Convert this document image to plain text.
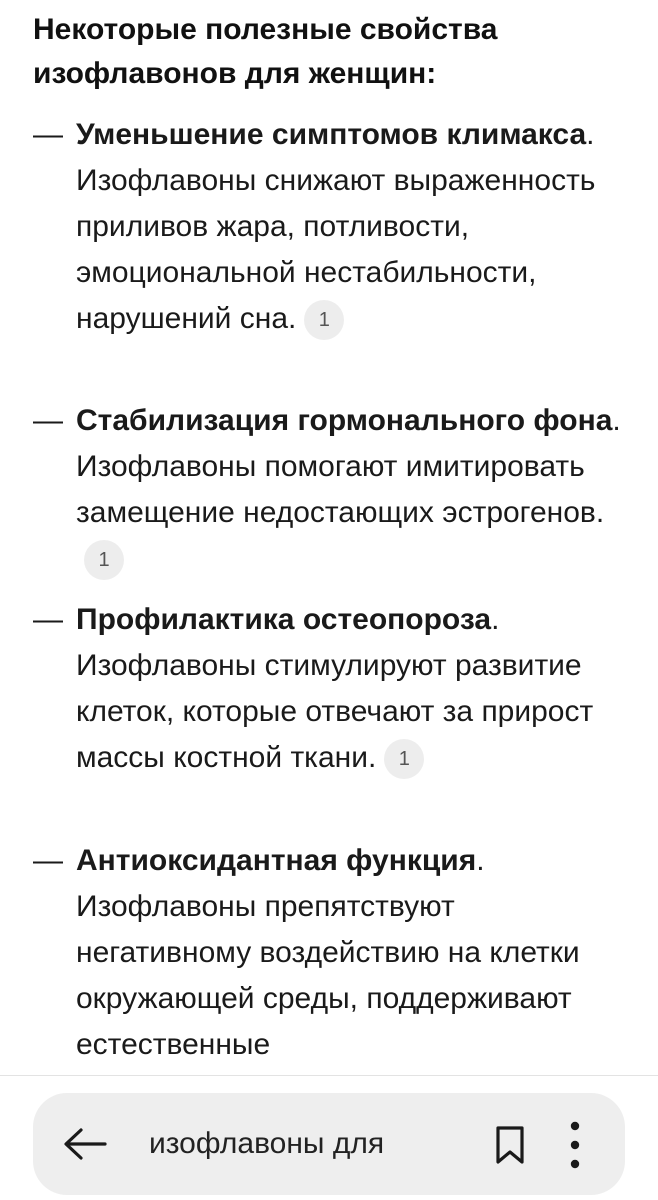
Некоторые полезные свойства изофлавонов для женщин:
— Уменьшение симптомов климакса. Изофлавоны снижают выраженность приливов жара, потливости, эмоциональной нестабильности, нарушений сна. 1
— Стабилизация гормонального фона. Изофлавоны помогают имитировать замещение недостающих эстрогенов.1
— Профилактика остеопороза. Изофлавоны стимулируют развитие клеток, которые отвечают за прирост массы костной ткани. 1
— Антиоксидантная функция. Изофлавоны препятствуют негативному воздействию на клетки окружающей среды, поддерживают естественные
изофлавоны для
